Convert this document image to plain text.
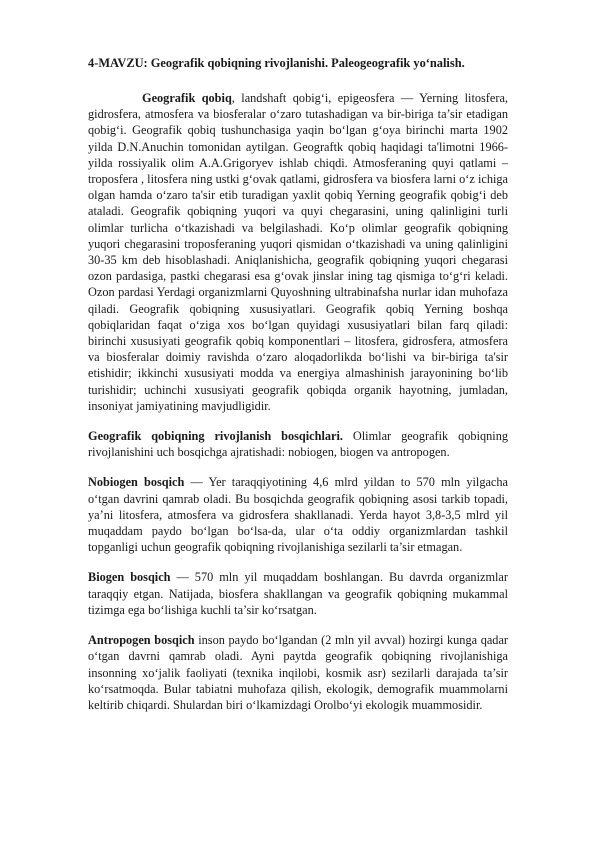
4-MAVZU: Geografik qobiqning rivojlanishi. Paleogeografik yo‘nalish.

Geografik qobiq, landshaft qobig‘i, epigeosfera — Yerning litosfera, gidrosfera, atmosfera va biosferalar o‘zaro tutashadigan va bir-biriga ta’sir etadigan qobig‘i. Geografik qobiq tushunchasiga yaqin bo‘lgan g‘oya birinchi marta 1902 yilda D.N.Anuchin tomonidan aytilgan. Geograftk qobiq haqidagi ta'limotni 1966-yilda rossiyalik olim A.A.Grigoryev ishlab chiqdi. Atmosferaning quyi qatlami – troposfera , litosfera ning ustki g‘ovak qatlami, gidrosfera va biosfera larni o‘z ichiga olgan hamda o‘zaro ta'sir etib turadigan yaxlit qobiq Yerning geografik qobig‘i deb ataladi. Geografik qobiqning yuqori va quyi chegarasini, uning qalinligini turli olimlar turlicha o‘tkazishadi va belgilashadi. Ko‘p olimlar geografik qobiqning yuqori chegarasini troposferaning yuqori qismidan o‘tkazishadi va uning qalinligini 30-35 km deb hisoblashadi. Aniqlanishicha, geografik qobiqning yuqori chegarasi ozon pardasiga, pastki chegarasi esa g‘ovak jinslar ining tag qismiga to‘g‘ri keladi. Ozon pardasi Yerdagi organizmlarni Quyoshning ultrabinafsha nurlar idan muhofaza qiladi. Geografik qobiqning xususiyatlari. Geografik qobiq Yerning boshqa qobiqlaridan faqat o‘ziga xos bo‘lgan quyidagi xususiyatlari bilan farq qiladi: birinchi xususiyati geografik qobiq komponentlari – litosfera, gidrosfera, atmosfera va biosferalar doimiy ravishda o‘zaro aloqadorlikda bo‘lishi va bir-biriga ta'sir etishidir; ikkinchi xususiyati modda va energiya almashinish jarayonining bo‘lib turishidir; uchinchi xususiyati geografik qobiqda organik hayotning, jumladan, insoniyat jamiyatining mavjudligidir.

Geografik qobiqning rivojlanish bosqichlari. Olimlar geografik qobiqning rivojlanishini uch bosqichga ajratishadi: nobiogen, biogen va antropogen.

Nobiogen bosqich — Yer taraqqiyotining 4,6 mlrd yildan to 570 mln yilgacha o‘tgan davrini qamrab oladi. Bu bosqichda geografik qobiqning asosi tarkib topadi, ya’ni litosfera, atmosfera va gidrosfera shakllanadi. Yerda hayot 3,8-3,5 mlrd yil muqaddam paydo bo‘lgan bo‘lsa-da, ular o‘ta oddiy organizmlardan tashkil topganligi uchun geografik qobiqning rivojlanishiga sezilarli ta’sir etmagan.

Biogen bosqich — 570 mln yil muqaddam boshlangan. Bu davrda organizmlar taraqqiy etgan. Natijada, biosfera shakllangan va geografik qobiqning mukammal tizimga ega bo‘lishiga kuchli ta’sir ko‘rsatgan.

Antropogen bosqich inson paydo bo‘lgandan (2 mln yil avval) hozirgi kunga qadar o‘tgan davrni qamrab oladi. Ayni paytda geografik qobiqning rivojlanishiga insonning xo‘jalik faoliyati (texnika inqilobi, kosmik asr) sezilarli darajada ta’sir ko‘rsatmoqda. Bular tabiatni muhofaza qilish, ekologik, demografik muammolarni keltirib chiqardi. Shulardan biri o‘lkamizdagi Orolbo‘yi ekologik muammosidir.
